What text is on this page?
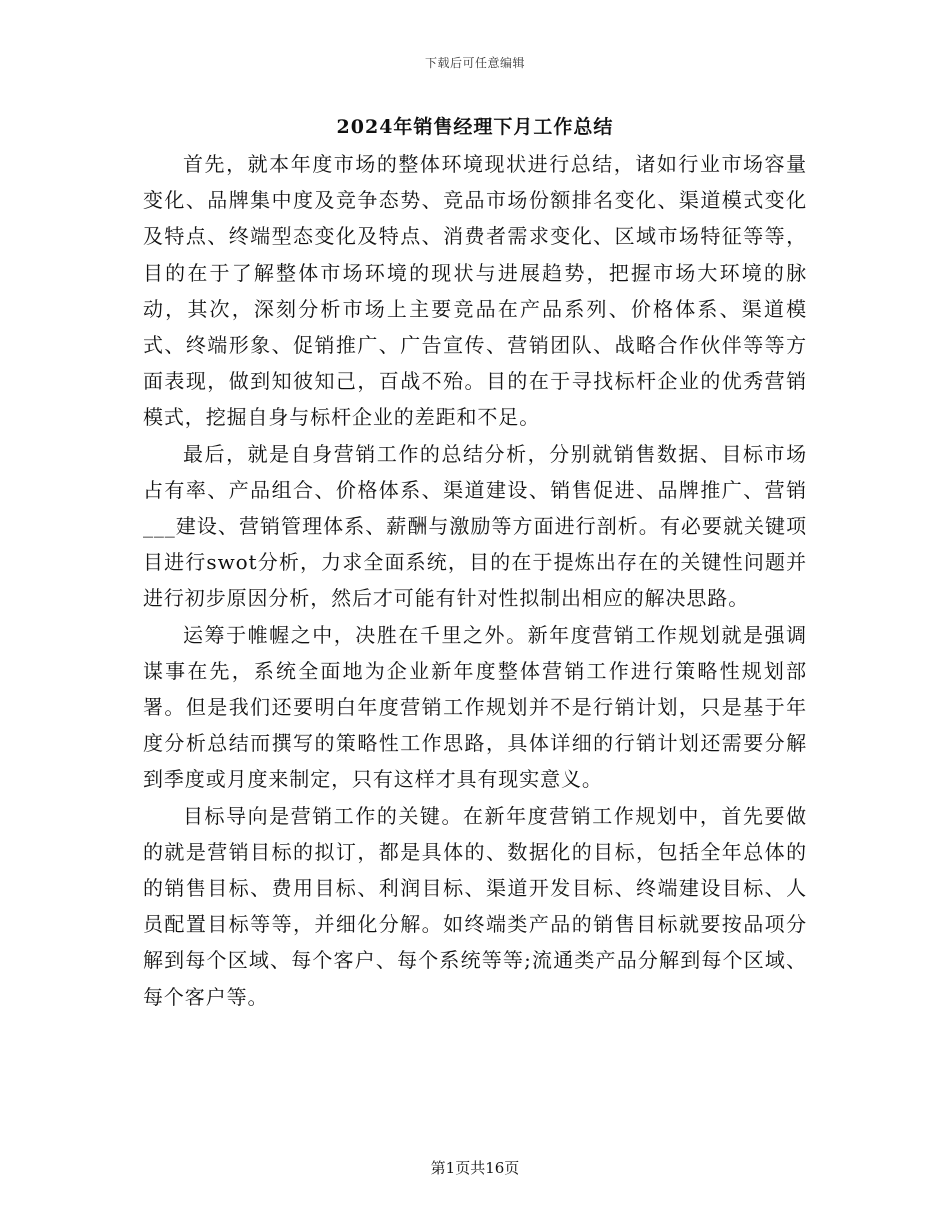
下载后可任意编辑
2024年销售经理下月工作总结

首先，就本年度市场的整体环境现状进行总结，诸如行业市场容量变化、品牌集中度及竞争态势、竞品市场份额排名变化、渠道模式变化及特点、终端型态变化及特点、消费者需求变化、区域市场特征等等，目的在于了解整体市场环境的现状与进展趋势，把握市场大环境的脉动，其次，深刻分析市场上主要竞品在产品系列、价格体系、渠道模式、终端形象、促销推广、广告宣传、营销团队、战略合作伙伴等等方面表现，做到知彼知己，百战不殆。目的在于寻找标杆企业的优秀营销模式，挖掘自身与标杆企业的差距和不足。

最后，就是自身营销工作的总结分析，分别就销售数据、目标市场占有率、产品组合、价格体系、渠道建设、销售促进、品牌推广、营销___建设、营销管理体系、薪酬与激励等方面进行剖析。有必要就关键项目进行swot分析，力求全面系统，目的在于提炼出存在的关键性问题并进行初步原因分析，然后才可能有针对性拟制出相应的解决思路。

运筹于帷幄之中，决胜在千里之外。新年度营销工作规划就是强调谋事在先，系统全面地为企业新年度整体营销工作进行策略性规划部署。但是我们还要明白年度营销工作规划并不是行销计划，只是基于年度分析总结而撰写的策略性工作思路，具体详细的行销计划还需要分解到季度或月度来制定，只有这样才具有现实意义。

目标导向是营销工作的关键。在新年度营销工作规划中，首先要做的就是营销目标的拟订，都是具体的、数据化的目标，包括全年总体的的销售目标、费用目标、利润目标、渠道开发目标、终端建设目标、人员配置目标等等，并细化分解。如终端类产品的销售目标就要按品项分解到每个区域、每个客户、每个系统等等;流通类产品分解到每个区域、每个客户等。

第1页共16页
